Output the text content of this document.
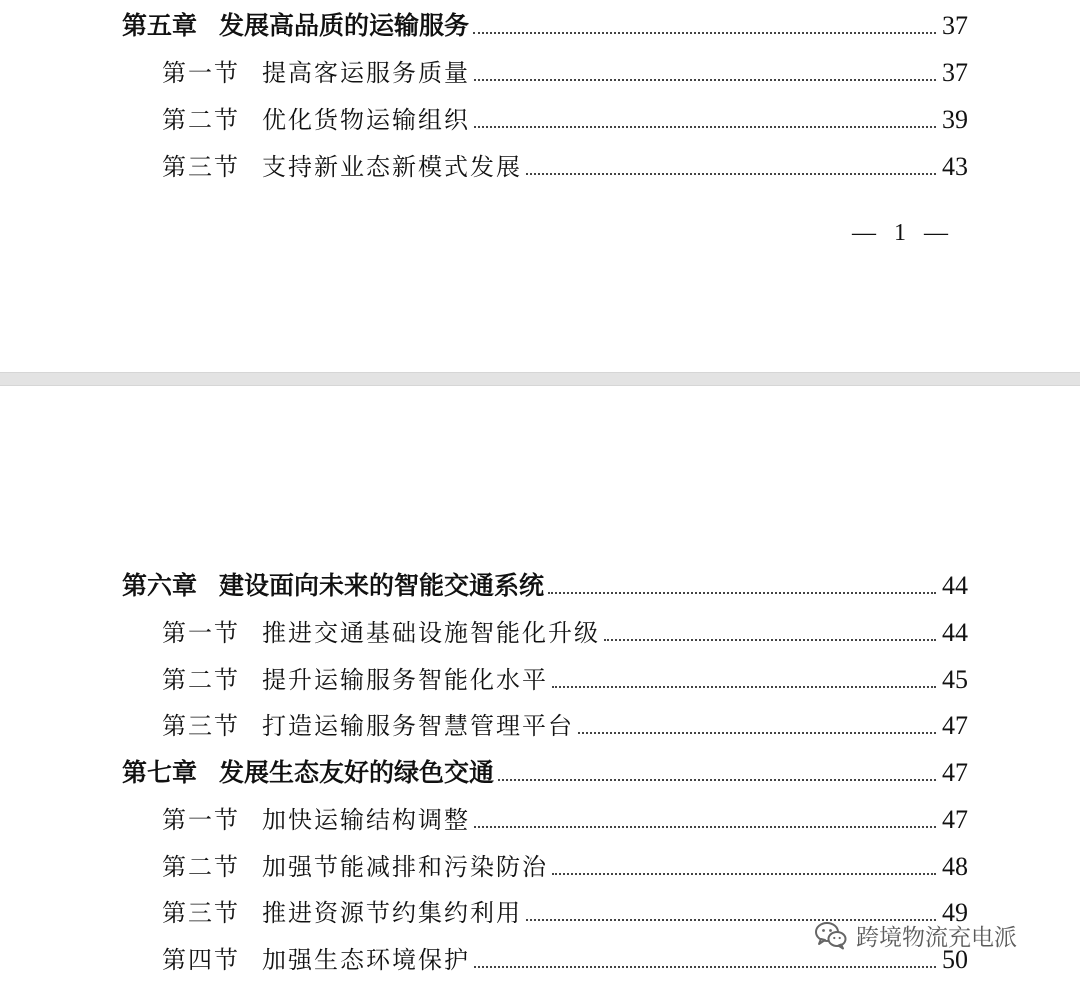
第五章 发展高品质的运输服务	37
第一节 提高客运服务质量	37
第二节 优化货物运输组织	39
第三节 支持新业态新模式发展	43
— 1 —
第六章 建设面向未来的智能交通系统	44
第一节 推进交通基础设施智能化升级	44
第二节 提升运输服务智能化水平	45
第三节 打造运输服务智慧管理平台	47
第七章 发展生态友好的绿色交通	47
第一节 加快运输结构调整	47
第二节 加强节能减排和污染防治	48
第三节 推进资源节约集约利用	49
第四节 加强生态环境保护	50
跨境物流充电派
